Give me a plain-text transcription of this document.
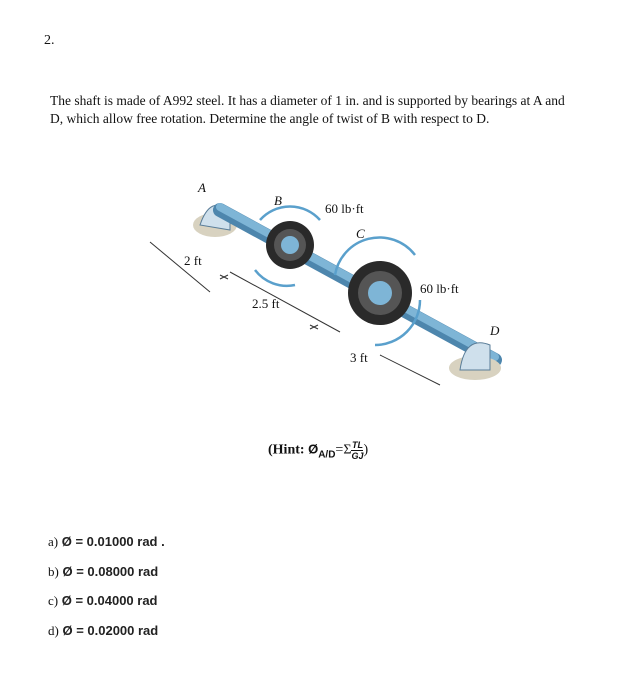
2.

The shaft is made of A992 steel. It has a diameter of 1 in. and is supported by bearings at A and

D, which allow free rotation. Determine the angle of twist of B with respect to D.

A
B
60 lb·ft
C
60 lb·ft
D
2 ft
2.5 ft
3 ft
(Hint: $Ø_{A/D}=\Sigma \frac{TL}{GJ}$ )
a) Ø = 0.01000 rad .
b) Ø = 0.08000 rad
c) Ø = 0.04000 rad
d) Ø = 0.02000 rad
